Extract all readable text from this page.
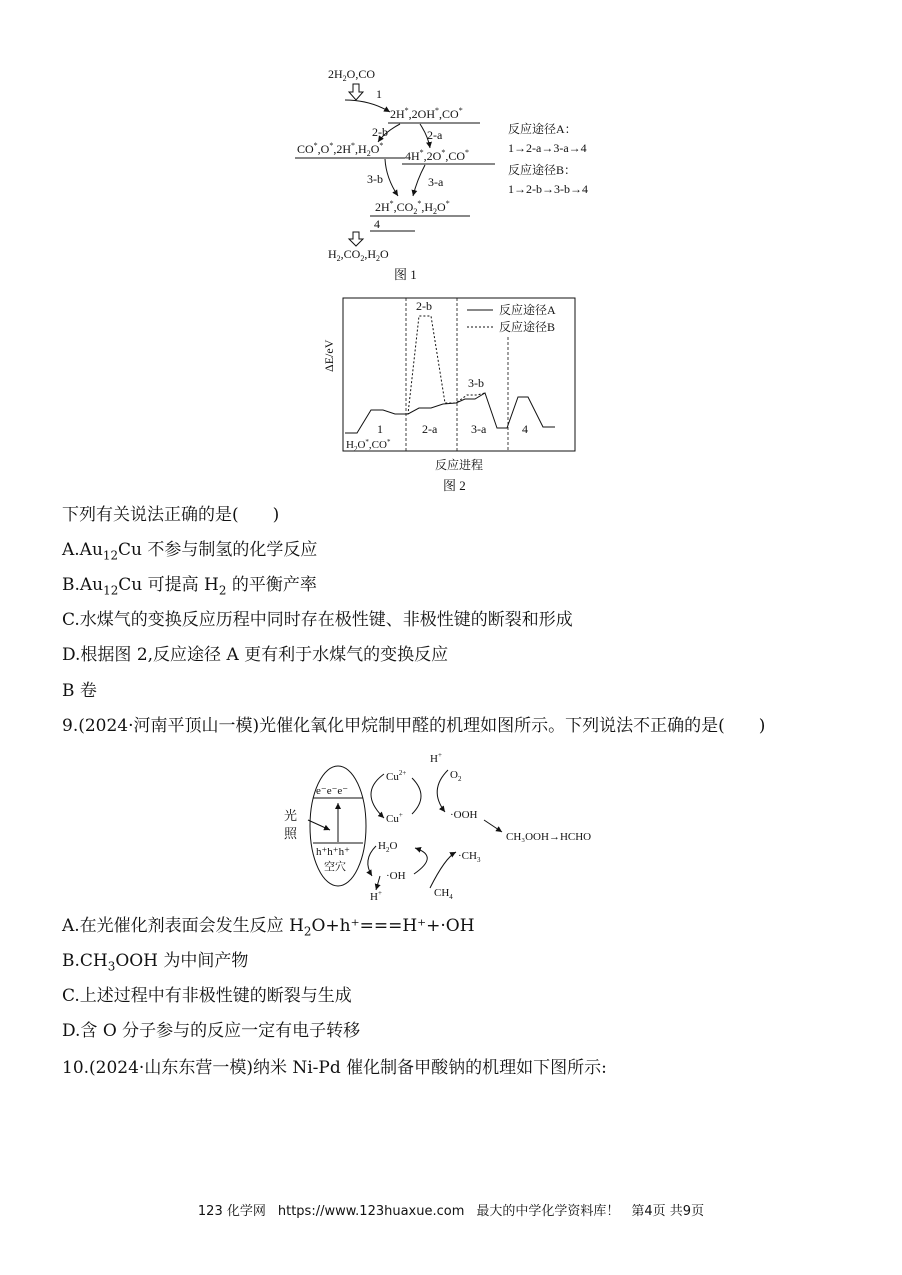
$2H_2O,CO$
1
2H*,2OH*,CO*
2-b	2-a
$CO^*,O^*,2H^*,H_2O^*$
4H*,2O*,CO*
3-b	3-a
$2H^*,CO_2^*,H_2O^*$
4
$H_2,CO_2,H_2O$
反应途径A：
1→2-a→3-a→4
反应途径B：
1→2-b→3-b→4
图 1
ΔE/eV
2-b
3-b
1	2-a	3-a	4
$H_2O^*,CO^*$
反应途径A
反应途径B
反应进程
图 2
下列有关说法正确的是(　　)
$A.Au_{12}Cu$ 不参与制氢的化学反应
$B.Au_{12}Cu$ 可提高 $H_2$ 的平衡产率
C.水煤气的变换反应历程中同时存在极性键、非极性键的断裂和形成
D.根据图 2,反应途径 A 更有利于水煤气的变换反应
B 卷
9.(2024·河南平顶山一模)光催化氧化甲烷制甲醛的机理如图所示。下列说法不正确的是(　　)
光
照
e⁻e⁻e⁻
h⁺h⁺h⁺
空穴
$Cu^{2+}$
Cu+
H+
$O_2$
·OOH
CH₃OOH→HCHO
$H_2O$
·OH
H+
$\cdot CH_3$
$CH_4$
A.在光催化剂表面会发生反应 $H_2O+h^+===H^++\cdot OH$
$B.CH_3OOH$ 为中间产物
C.上述过程中有非极性键的断裂与生成
D.含 O 分子参与的反应一定有电子转移
10.(2024·山东东营一模)纳米 Ni-Pd 催化制备甲酸钠的机理如下图所示:
123 化学网 https://www.123huaxue.com 最大的中学化学资料库！ 第4页 共9页
